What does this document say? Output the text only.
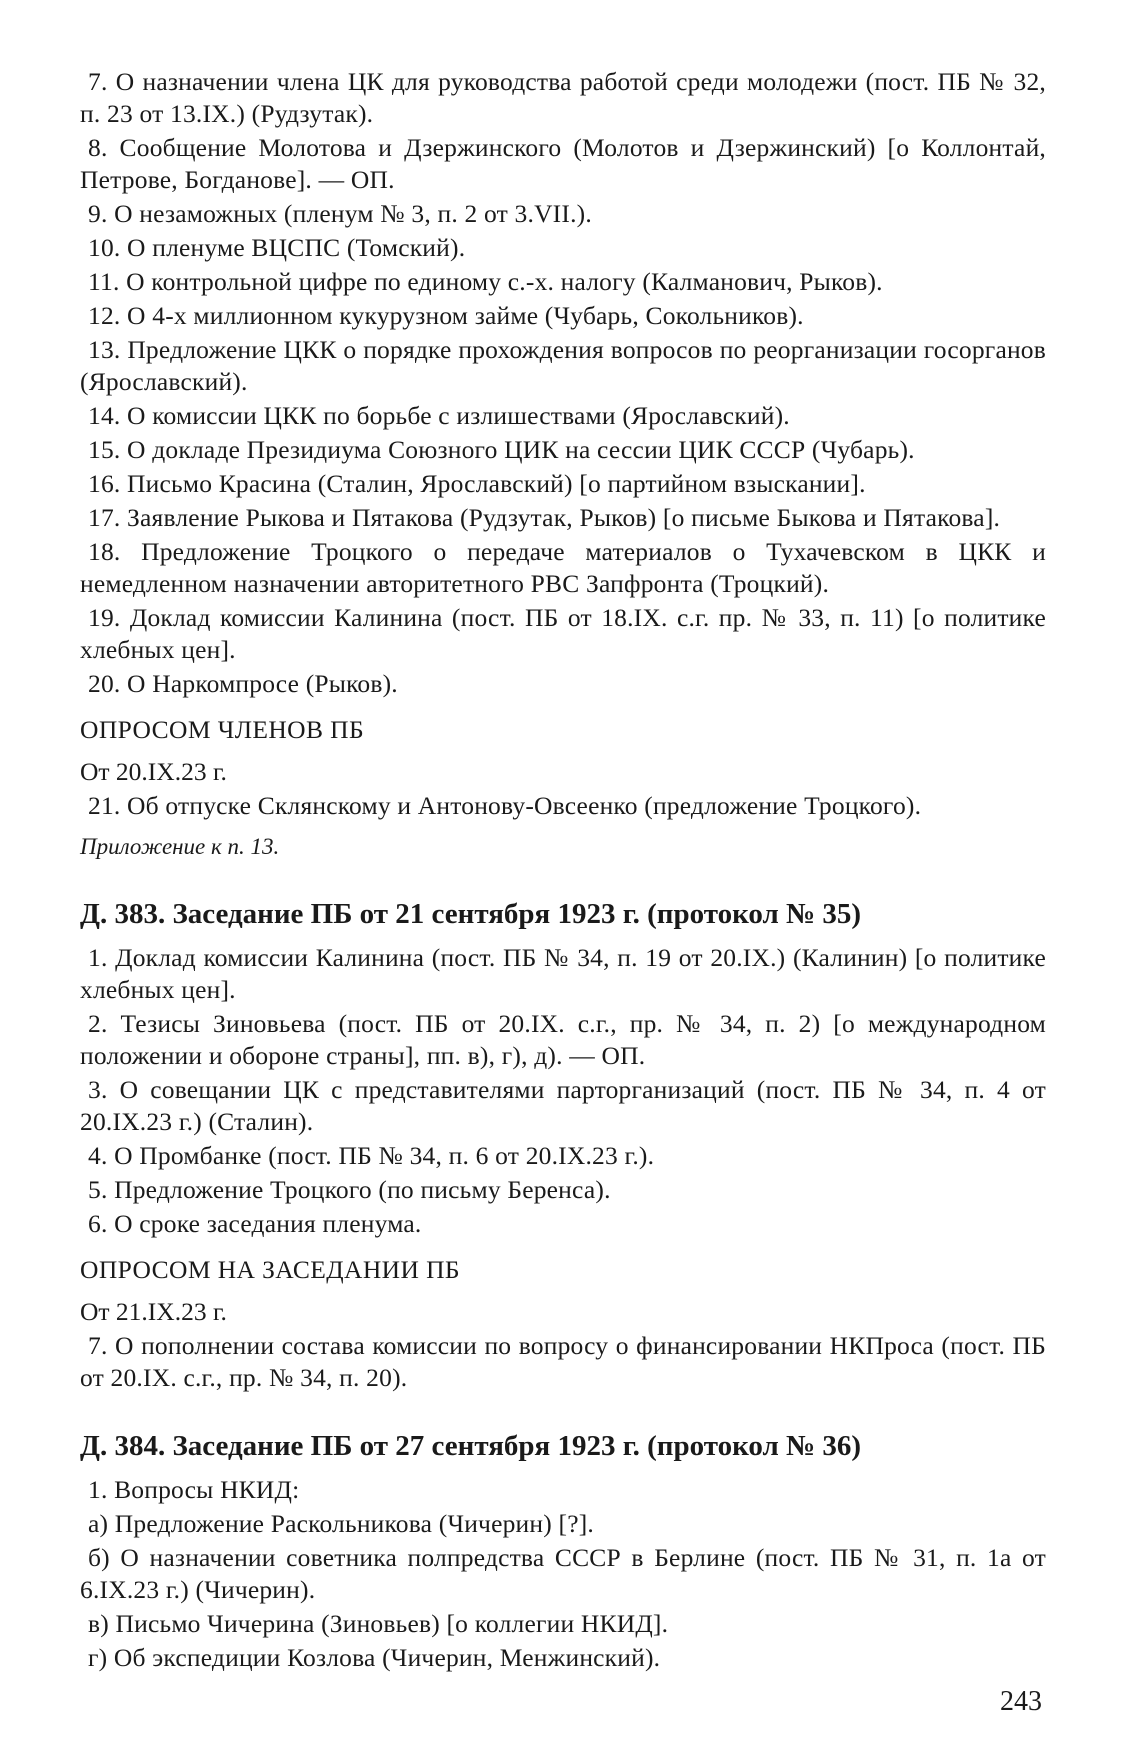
7. О назначении члена ЦК для руководства работой среди молодежи (пост. ПБ № 32, п. 23 от 13.IX.) (Рудзутак).

8. Сообщение Молотова и Дзержинского (Молотов и Дзержинский) [о Коллонтай, Петрове, Богданове]. — ОП.

9. О незаможных (пленум № 3, п. 2 от 3.VII.).

10. О пленуме ВЦСПС (Томский).

11. О контрольной цифре по единому с.-х. налогу (Калманович, Рыков).

12. О 4-х миллионном кукурузном займе (Чубарь, Сокольников).

13. Предложение ЦКК о порядке прохождения вопросов по реорганизации госорганов (Ярославский).

14. О комиссии ЦКК по борьбе с излишествами (Ярославский).

15. О докладе Президиума Союзного ЦИК на сессии ЦИК СССР (Чубарь).

16. Письмо Красина (Сталин, Ярославский) [о партийном взыскании].

17. Заявление Рыкова и Пятакова (Рудзутак, Рыков) [о письме Быкова и Пятакова].

18. Предложение Троцкого о передаче материалов о Тухачевском в ЦКК и немедленном назначении авторитетного РВС Запфронта (Троцкий).

19. Доклад комиссии Калинина (пост. ПБ от 18.IX. с.г. пр. № 33, п. 11) [о политике хлебных цен].

20. О Наркомпросе (Рыков).

ОПРОСОМ ЧЛЕНОВ ПБ

От 20.IX.23 г.

21. Об отпуске Склянскому и Антонову-Овсеенко (предложение Троцкого).

Приложение к п. 13.

Д. 383. Заседание ПБ от 21 сентября 1923 г. (протокол № 35)

1. Доклад комиссии Калинина (пост. ПБ № 34, п. 19 от 20.IX.) (Калинин) [о политике хлебных цен].

2. Тезисы Зиновьева (пост. ПБ от 20.IX. с.г., пр. № 34, п. 2) [о международном положении и обороне страны], пп. в), г), д). — ОП.

3. О совещании ЦК с представителями парторганизаций (пост. ПБ № 34, п. 4 от 20.IX.23 г.) (Сталин).

4. О Промбанке (пост. ПБ № 34, п. 6 от 20.IX.23 г.).

5. Предложение Троцкого (по письму Беренса).

6. О сроке заседания пленума.

ОПРОСОМ НА ЗАСЕДАНИИ ПБ

От 21.IX.23 г.

7. О пополнении состава комиссии по вопросу о финансировании НКПроса (пост. ПБ от 20.IX. с.г., пр. № 34, п. 20).

Д. 384. Заседание ПБ от 27 сентября 1923 г. (протокол № 36)

1. Вопросы НКИД:

а) Предложение Раскольникова (Чичерин) [?].

б) О назначении советника полпредства СССР в Берлине (пост. ПБ № 31, п. 1а от 6.IX.23 г.) (Чичерин).

в) Письмо Чичерина (Зиновьев) [о коллегии НКИД].

г) Об экспедиции Козлова (Чичерин, Менжинский).

243
